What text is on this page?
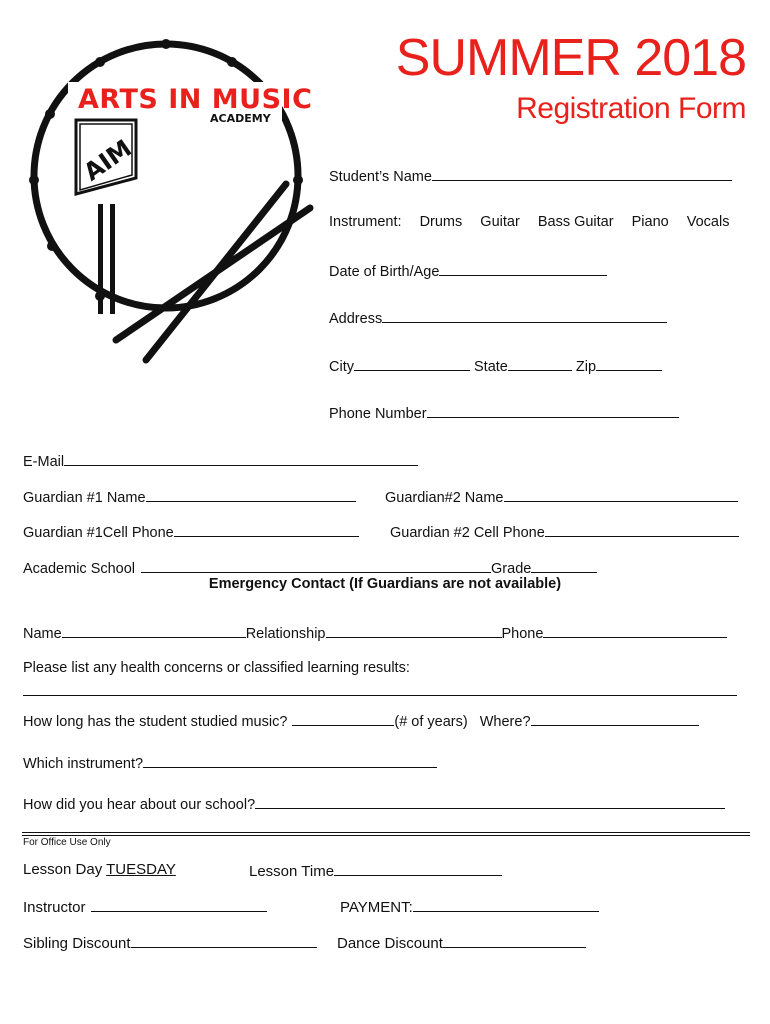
ARTS IN MUSIC
ACADEMY
AIM
SUMMER 2018
Registration Form
Student’s Name
Instrument: Drums Guitar Bass Guitar Piano Vocals
Date of Birth/Age
Address
City	State	Zip
Phone Number
E-Mail
Guardian #1 Name	Guardian#2 Name
Guardian #1Cell Phone	Guardian #2 Cell Phone
Academic School	Grade
Emergency Contact (If Guardians are not available)
Name	Relationship	Phone
Please list any health concerns or classified learning results:
How long has the student studied music?	(# of years) Where?
Which instrument?
How did you hear about our school?
For Office Use Only
Lesson Day TUESDAY	Lesson Time
Instructor	PAYMENT:
Sibling Discount	Dance Discount
